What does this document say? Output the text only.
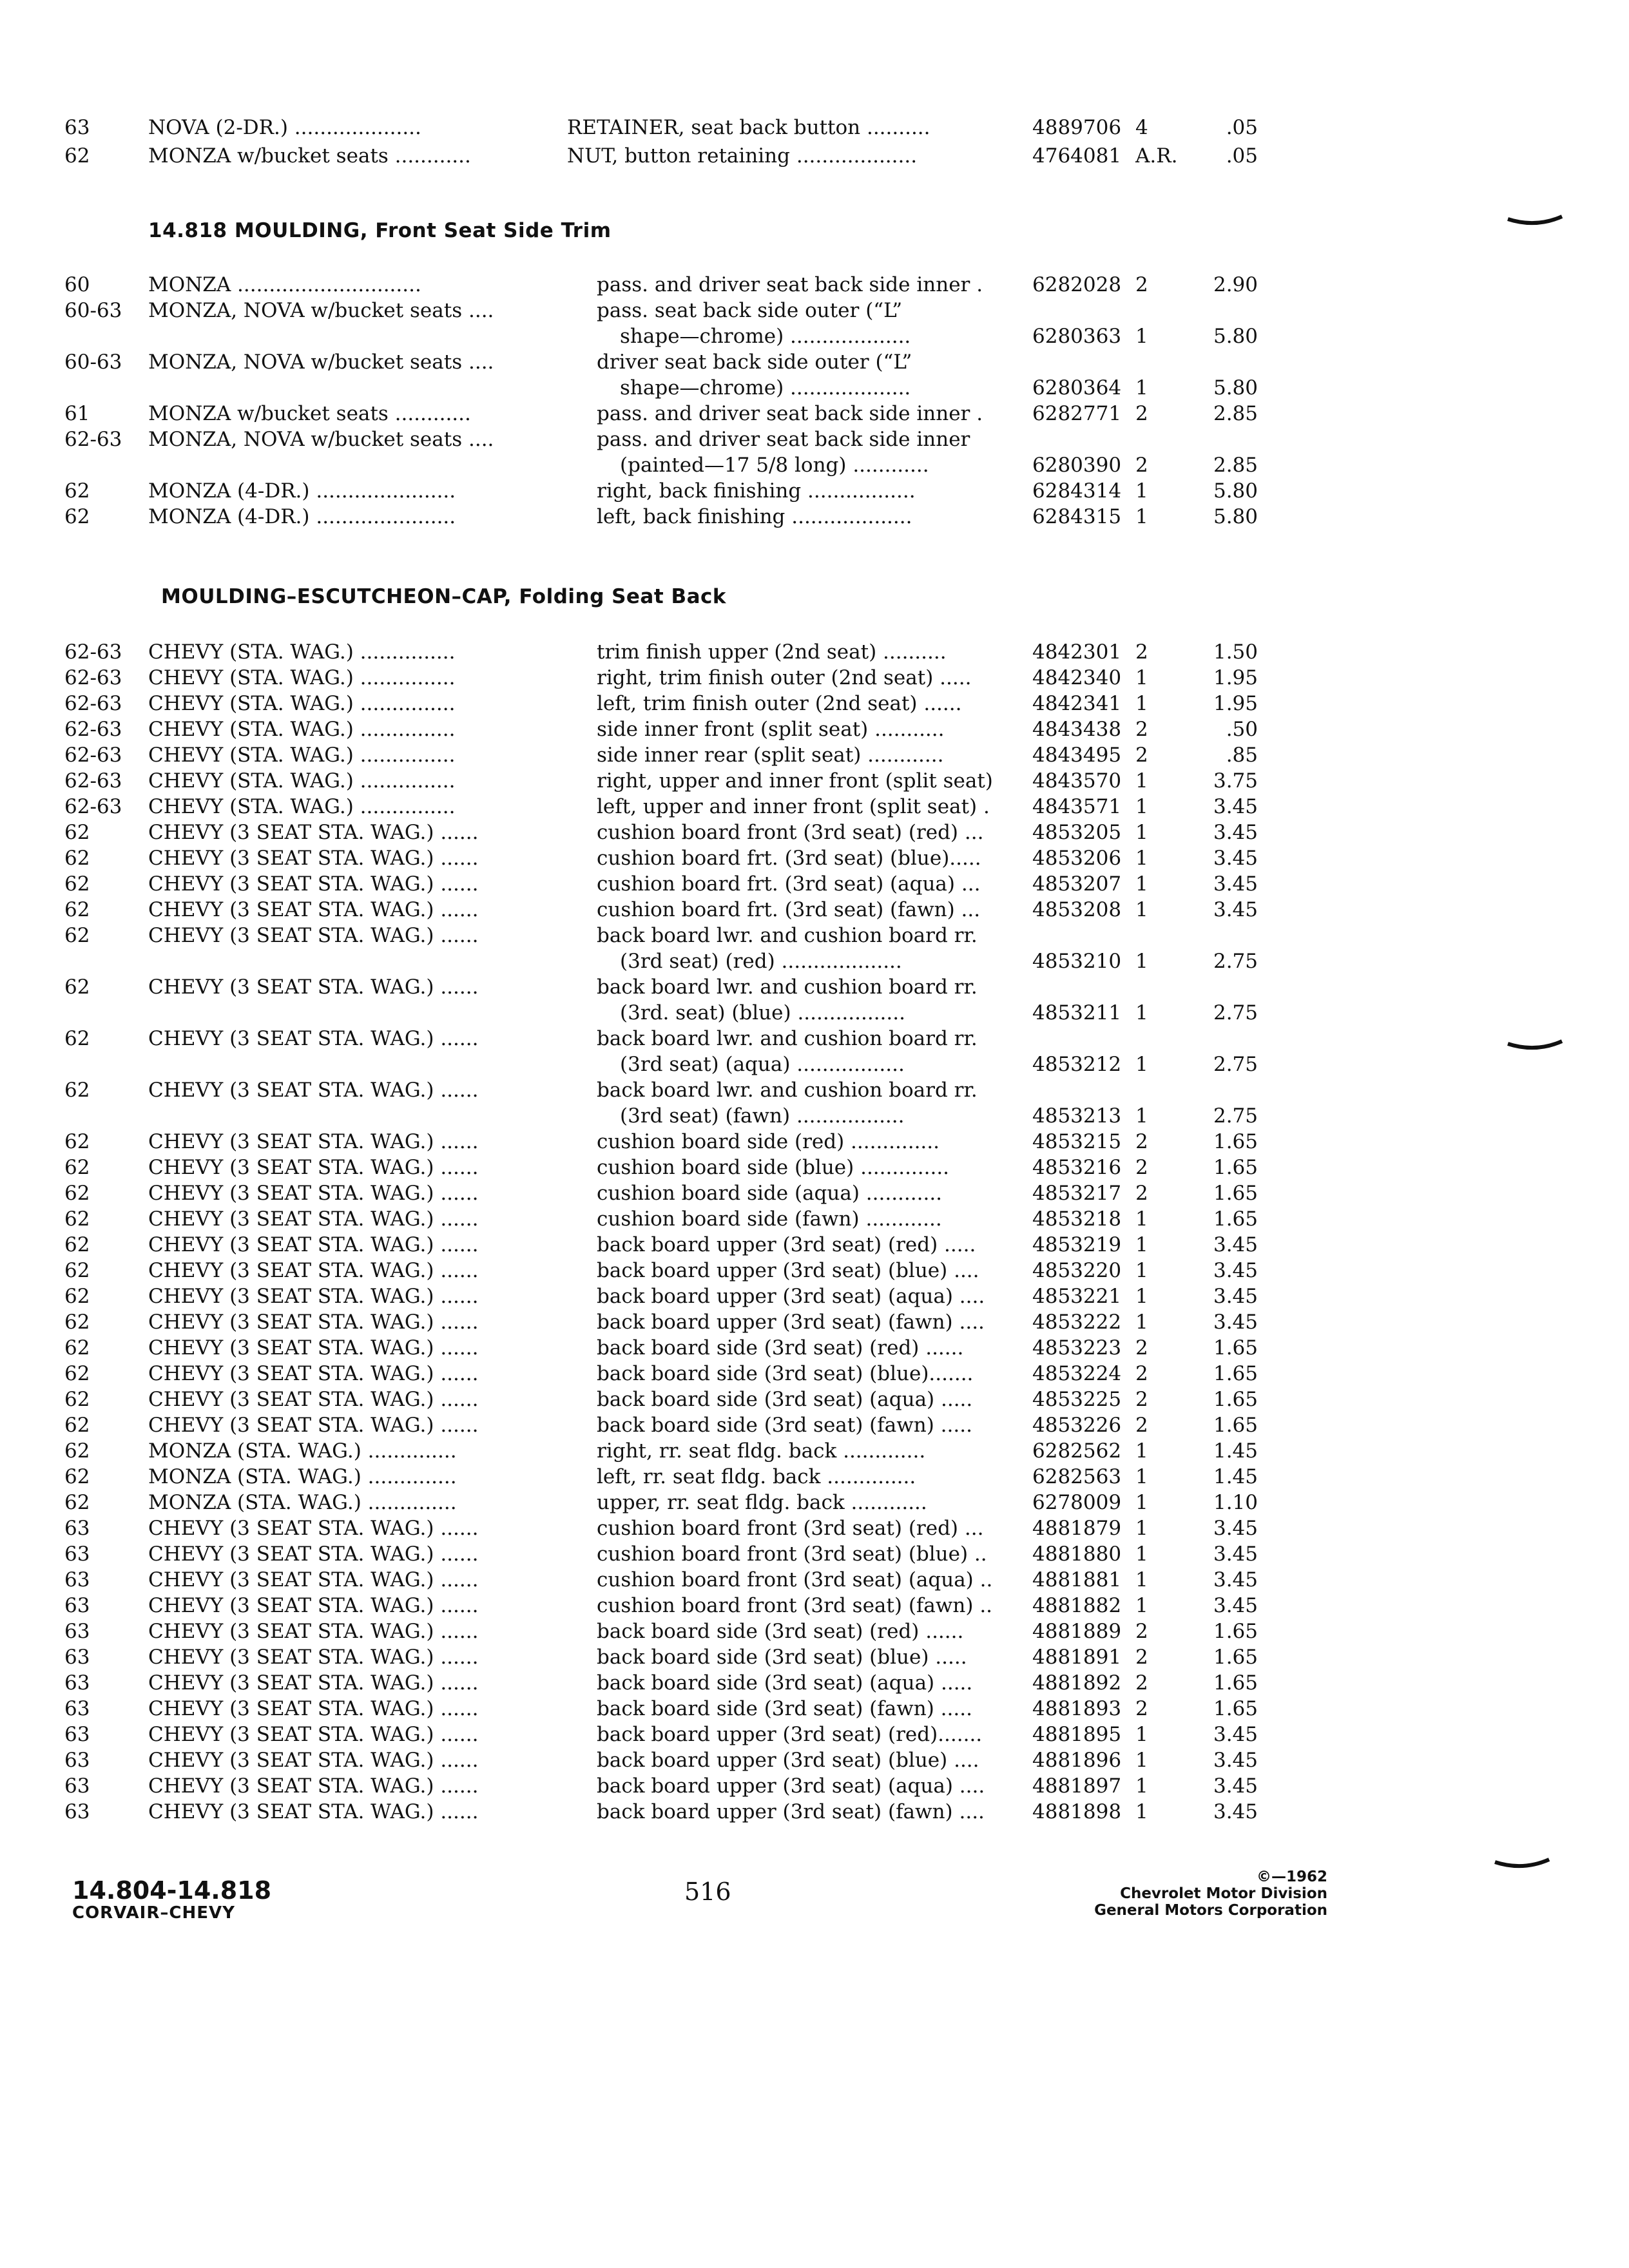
63	NOVA (2-DR.) ....................	RETAINER, seat back button ..........	4889706 4	.05
62	MONZA w/bucket seats ............	NUT, button retaining ...................	4764081 A.R.	.05
14.818 MOULDING, Front Seat Side Trim
MOULDING–ESCUTCHEON–CAP, Folding Seat Back
60	MONZA .............................	pass. and driver seat back side inner . 6282028 2	2.90
60-63 MONZA, NOVA w/bucket seats ....	pass. seat back side outer (“L”
shape—chrome) ...................	6280363 1	5.80
60-63 MONZA, NOVA w/bucket seats ....	driver seat back side outer (“L”
shape—chrome) ...................	6280364 1	5.80
61	MONZA w/bucket seats ............	pass. and driver seat back side inner . 6282771 2	2.85
62-63 MONZA, NOVA w/bucket seats ....	pass. and driver seat back side inner
(painted—17 5/8 long) ............	6280390 2	2.85
62	MONZA (4-DR.) ......................	right, back finishing .................	6284314 1	5.80
62	MONZA (4-DR.) ......................	left, back finishing ...................	6284315 1	5.80
62-63 CHEVY (STA. WAG.) ...............	trim finish upper (2nd seat) ..........	4842301 2	1.50
62-63 CHEVY (STA. WAG.) ...............	right, trim finish outer (2nd seat) .....	4842340 1	1.95
62-63 CHEVY (STA. WAG.) ...............	left, trim finish outer (2nd seat) ......	4842341 1	1.95
62-63 CHEVY (STA. WAG.) ...............	side inner front (split seat) ...........	4843438 2	.50
62-63 CHEVY (STA. WAG.) ...............	side inner rear (split seat) ............	4843495 2	.85
62-63 CHEVY (STA. WAG.) ...............	right, upper and inner front (split seat) 4843570 1	3.75
62-63 CHEVY (STA. WAG.) ...............	left, upper and inner front (split seat) . 4843571 1	3.45
62	CHEVY (3 SEAT STA. WAG.) ......	cushion board front (3rd seat) (red) ... 4853205 1	3.45
62	CHEVY (3 SEAT STA. WAG.) ......	cushion board frt. (3rd seat) (blue).....	4853206 1	3.45
62	CHEVY (3 SEAT STA. WAG.) ......	cushion board frt. (3rd seat) (aqua) ...	4853207 1	3.45
62	CHEVY (3 SEAT STA. WAG.) ......	cushion board frt. (3rd seat) (fawn) ...	4853208 1	3.45
62	CHEVY (3 SEAT STA. WAG.) ......	back board lwr. and cushion board rr.
(3rd seat) (red) ...................	4853210 1	2.75
62	CHEVY (3 SEAT STA. WAG.) ......	back board lwr. and cushion board rr.
(3rd. seat) (blue) .................	4853211 1	2.75
62	CHEVY (3 SEAT STA. WAG.) ......	back board lwr. and cushion board rr.
(3rd seat) (aqua) .................	4853212 1	2.75
62	CHEVY (3 SEAT STA. WAG.) ......	back board lwr. and cushion board rr.
(3rd seat) (fawn) .................	4853213 1	2.75
62	CHEVY (3 SEAT STA. WAG.) ......	cushion board side (red) ..............	4853215 2	1.65
62	CHEVY (3 SEAT STA. WAG.) ......	cushion board side (blue) ..............	4853216 2	1.65
62	CHEVY (3 SEAT STA. WAG.) ......	cushion board side (aqua) ............	4853217 2	1.65
62	CHEVY (3 SEAT STA. WAG.) ......	cushion board side (fawn) ............	4853218 1	1.65
62	CHEVY (3 SEAT STA. WAG.) ......	back board upper (3rd seat) (red) .....	4853219 1	3.45
62	CHEVY (3 SEAT STA. WAG.) ......	back board upper (3rd seat) (blue) ....	4853220 1	3.45
62	CHEVY (3 SEAT STA. WAG.) ......	back board upper (3rd seat) (aqua) .... 4853221 1	3.45
62	CHEVY (3 SEAT STA. WAG.) ......	back board upper (3rd seat) (fawn) .... 4853222 1	3.45
62	CHEVY (3 SEAT STA. WAG.) ......	back board side (3rd seat) (red) ......	4853223 2	1.65
62	CHEVY (3 SEAT STA. WAG.) ......	back board side (3rd seat) (blue).......	4853224 2	1.65
62	CHEVY (3 SEAT STA. WAG.) ......	back board side (3rd seat) (aqua) .....	4853225 2	1.65
62	CHEVY (3 SEAT STA. WAG.) ......	back board side (3rd seat) (fawn) .....	4853226 2	1.65
62	MONZA (STA. WAG.) ..............	right, rr. seat fldg. back .............	6282562 1	1.45
62	MONZA (STA. WAG.) ..............	left, rr. seat fldg. back ..............	6282563 1	1.45
62	MONZA (STA. WAG.) ..............	upper, rr. seat fldg. back ............	6278009 1	1.10
63	CHEVY (3 SEAT STA. WAG.) ......	cushion board front (3rd seat) (red) ... 4881879 1	3.45
63	CHEVY (3 SEAT STA. WAG.) ......	cushion board front (3rd seat) (blue) .. 4881880 1	3.45
63	CHEVY (3 SEAT STA. WAG.) ......	cushion board front (3rd seat) (aqua) .. 4881881 1	3.45
63	CHEVY (3 SEAT STA. WAG.) ......	cushion board front (3rd seat) (fawn) .. 4881882 1	3.45
63	CHEVY (3 SEAT STA. WAG.) ......	back board side (3rd seat) (red) ......	4881889 2	1.65
63	CHEVY (3 SEAT STA. WAG.) ......	back board side (3rd seat) (blue) .....	4881891 2	1.65
63	CHEVY (3 SEAT STA. WAG.) ......	back board side (3rd seat) (aqua) .....	4881892 2	1.65
63	CHEVY (3 SEAT STA. WAG.) ......	back board side (3rd seat) (fawn) .....	4881893 2	1.65
63	CHEVY (3 SEAT STA. WAG.) ......	back board upper (3rd seat) (red).......	4881895 1	3.45
63	CHEVY (3 SEAT STA. WAG.) ......	back board upper (3rd seat) (blue) ....	4881896 1	3.45
63	CHEVY (3 SEAT STA. WAG.) ......	back board upper (3rd seat) (aqua) .... 4881897 1	3.45
63	CHEVY (3 SEAT STA. WAG.) ......	back board upper (3rd seat) (fawn) .... 4881898 1	3.45
14.804-14.818
CORVAIR–CHEVY
516
©—1962
Chevrolet Motor Division
General Motors Corporation
